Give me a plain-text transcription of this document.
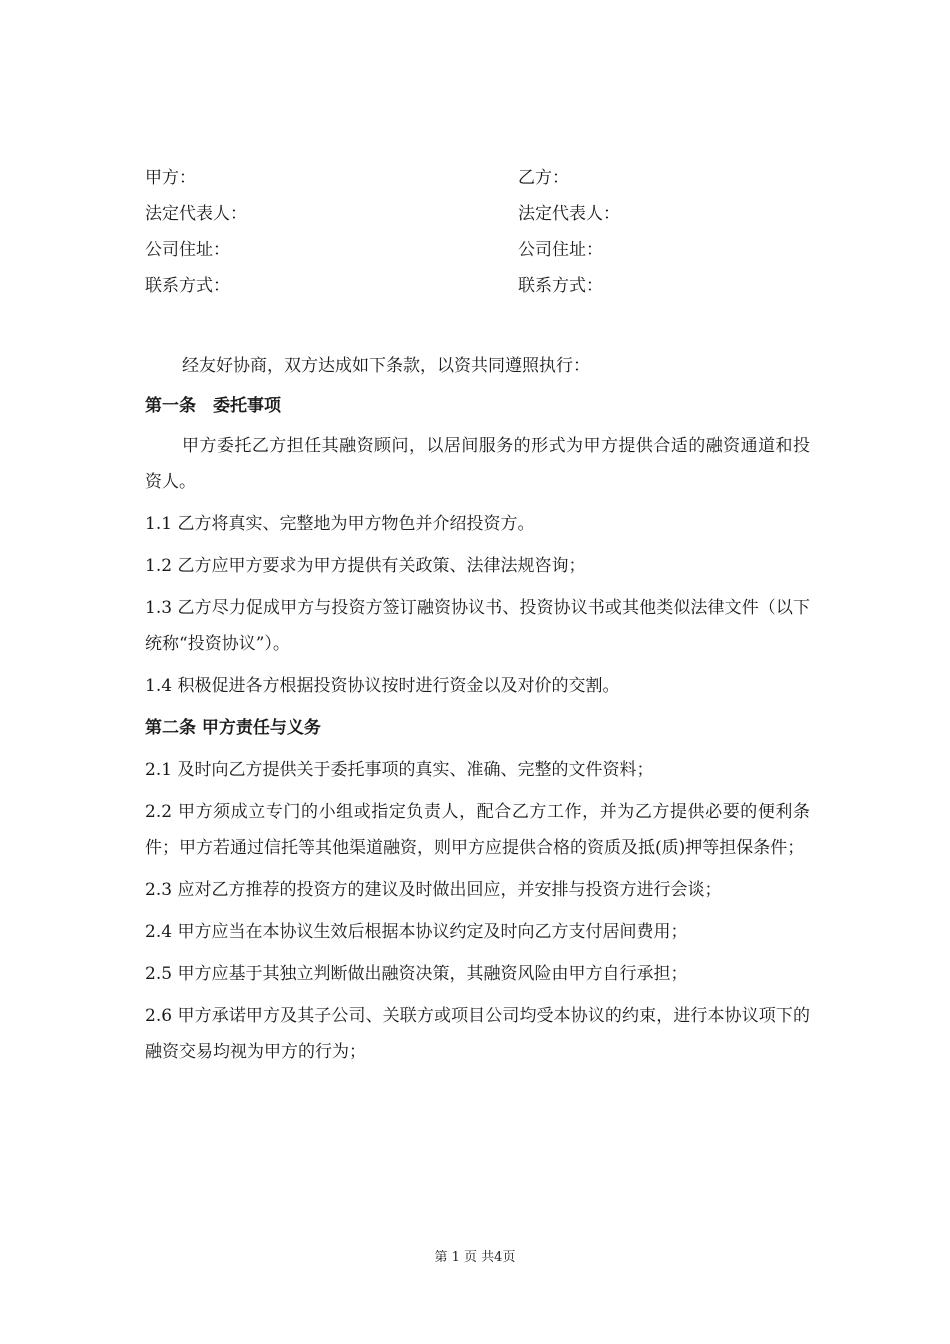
甲方：	乙方：
法定代表人：	法定代表人：
公司住址：	公司住址：
联系方式：	联系方式：

经友好协商，双方达成如下条款，以资共同遵照执行：

第一条　委托事项

甲方委托乙方担任其融资顾问，以居间服务的形式为甲方提供合适的融资通道和投资人。

1.1 乙方将真实、完整地为甲方物色并介绍投资方。

1.2 乙方应甲方要求为甲方提供有关政策、法律法规咨询；

1.3 乙方尽力促成甲方与投资方签订融资协议书、投资协议书或其他类似法律文件（以下统称“投资协议”）。

1.4 积极促进各方根据投资协议按时进行资金以及对价的交割。

第二条 甲方责任与义务

2.1 及时向乙方提供关于委托事项的真实、准确、完整的文件资料；

2.2 甲方须成立专门的小组或指定负责人，配合乙方工作，并为乙方提供必要的便利条件；甲方若通过信托等其他渠道融资，则甲方应提供合格的资质及抵(质)押等担保条件；

2.3 应对乙方推荐的投资方的建议及时做出回应，并安排与投资方进行会谈；

2.4 甲方应当在本协议生效后根据本协议约定及时向乙方支付居间费用；

2.5 甲方应基于其独立判断做出融资决策，其融资风险由甲方自行承担；

2.6 甲方承诺甲方及其子公司、关联方或项目公司均受本协议的约束，进行本协议项下的融资交易均视为甲方的行为；

第 1 页 共4页
